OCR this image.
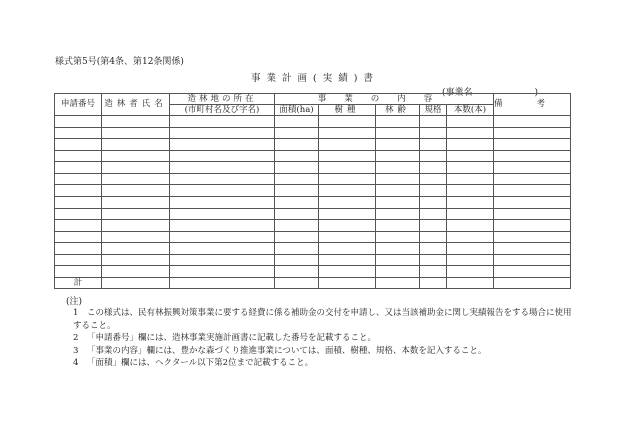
様式第5号(第4条、第12条関係)
事業計画(実績)書
(事業名	)
申請番号	造林者氏名	造林地の所在	事業の内容					備考
		(市町村名及び字名)	面積(ha)	樹種	林齢	規格	本数(本)	

計								
(注)

1 この様式は、民有林振興対策事業に要する経費に係る補助金の交付を申請し、又は当該補助金に関し実績報告をする場合に使用すること。

2 「申請番号」欄には、造林事業実施計画書に記載した番号を記載すること。

3 「事業の内容」欄には、豊かな森づくり推進事業については、面積、樹種、規格、本数を記入すること。

4 「面積」欄には、ヘクタール以下第2位まで記載すること。
